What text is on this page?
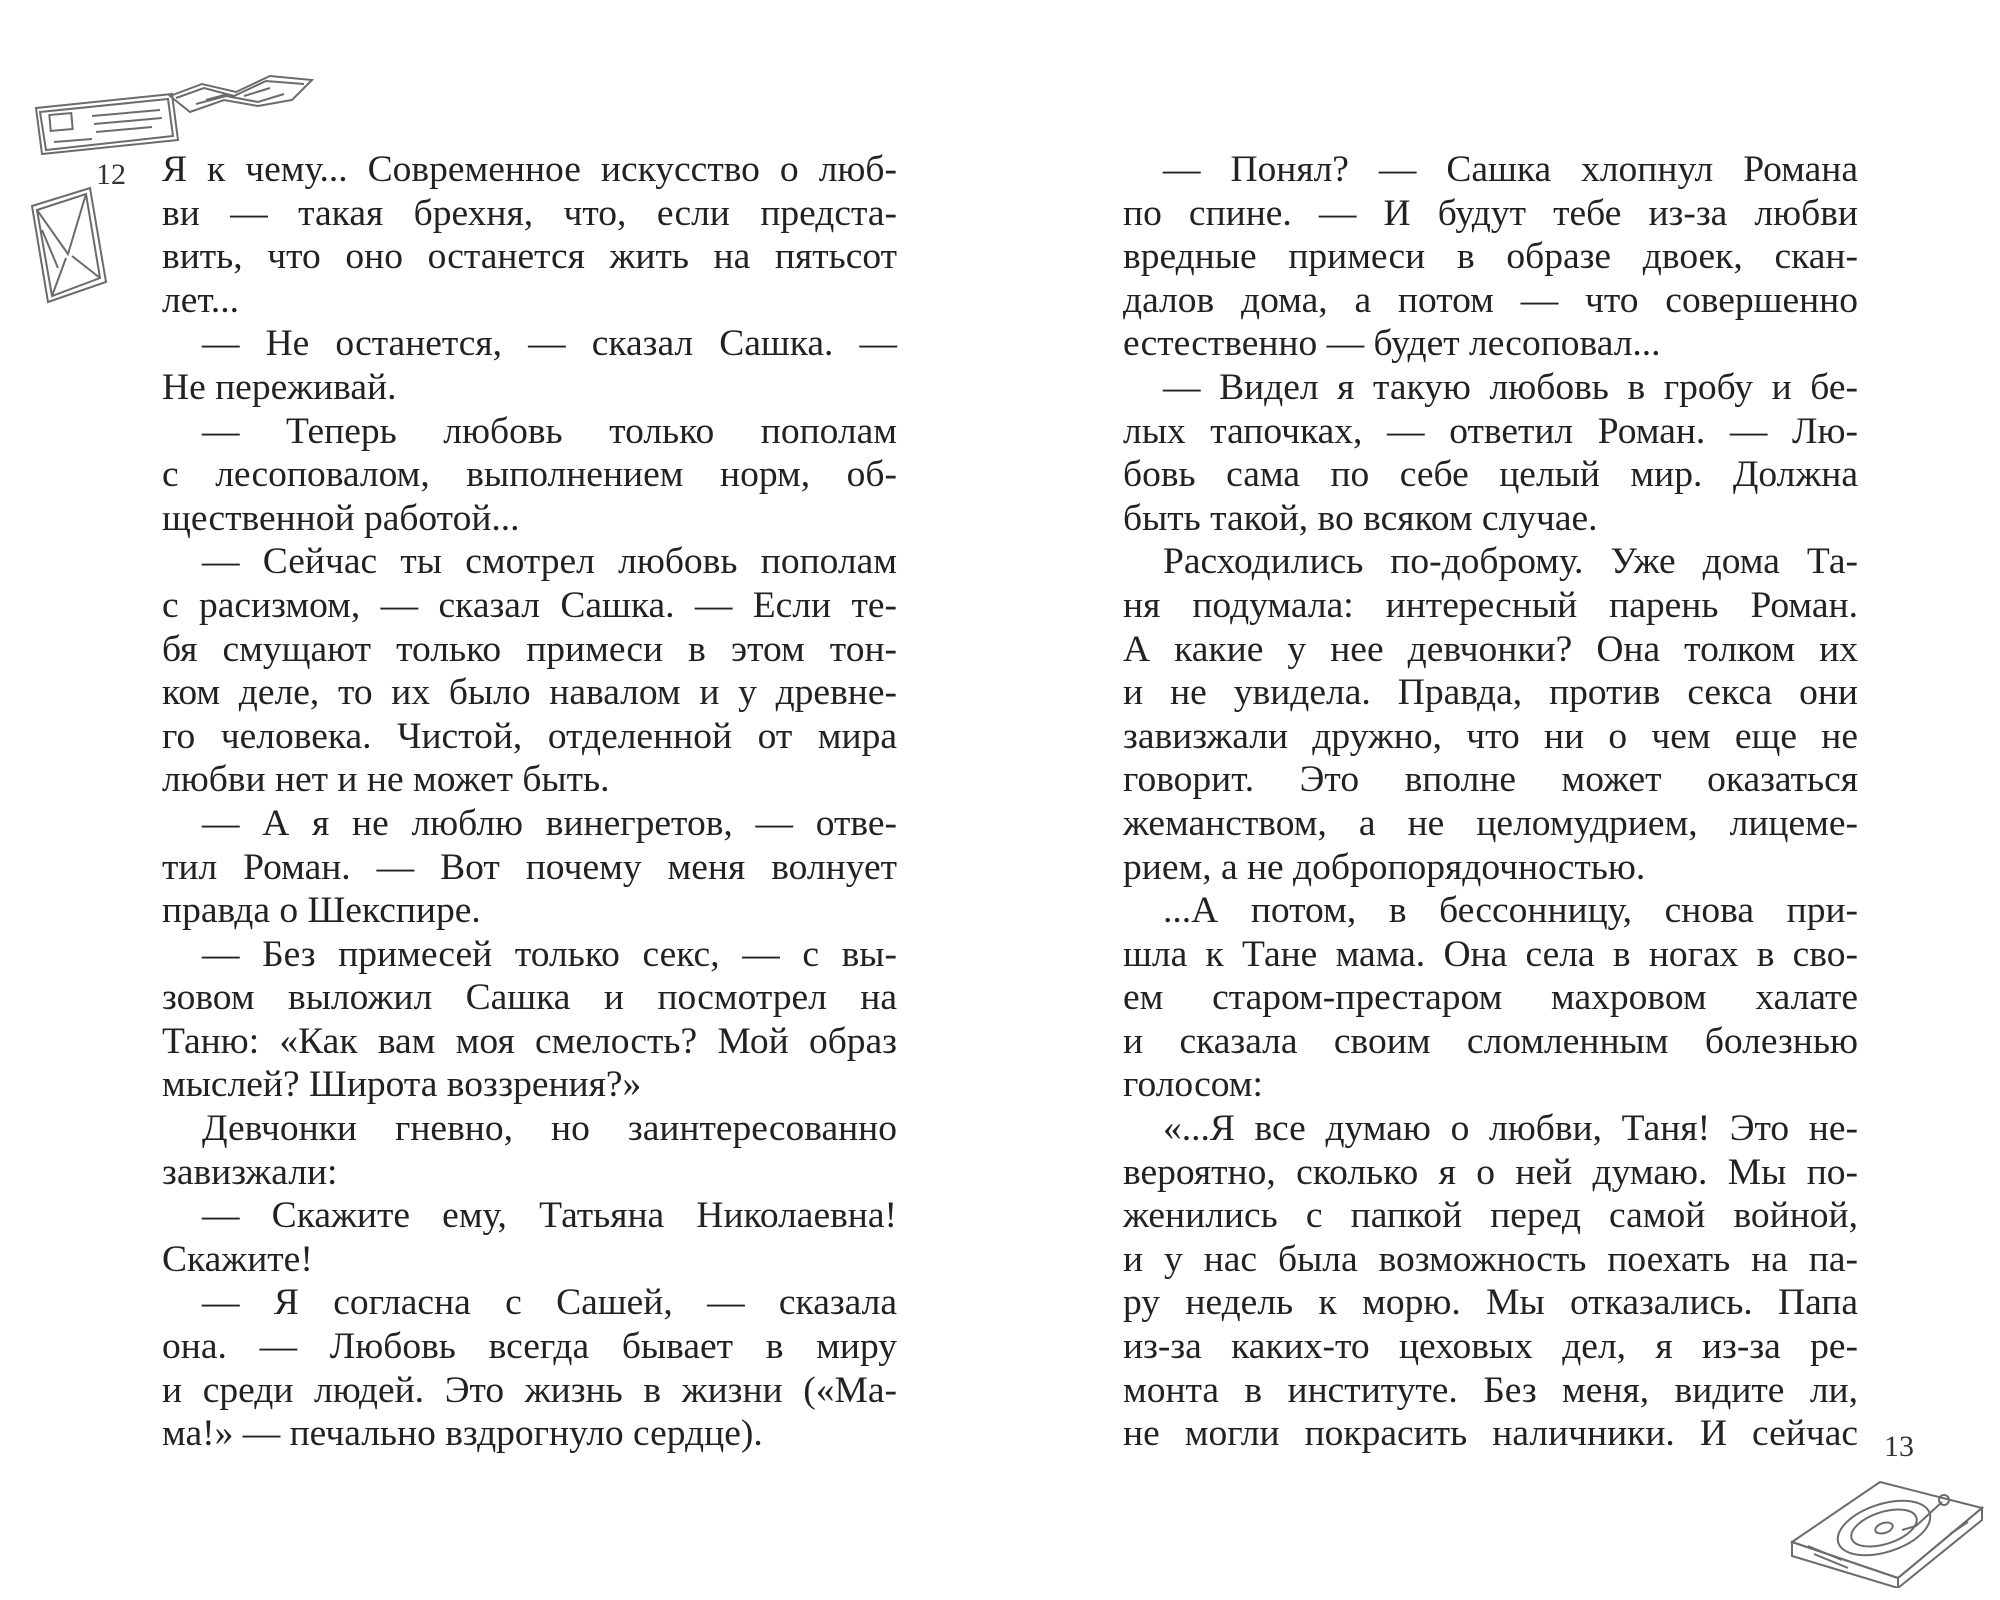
12
13
Я к чему... Современное искусство о люб-
ви — такая брехня, что, если предста-
вить, что оно останется жить на пятьсот
лет...
— Не останется, — сказал Сашка. —
Не переживай.
— Теперь любовь только пополам
с лесоповалом, выполнением норм, об-
щественной работой...
— Сейчас ты смотрел любовь пополам
с расизмом, — сказал Сашка. — Если те-
бя смущают только примеси в этом тон-
ком деле, то их было навалом и у древне-
го человека. Чистой, отделенной от мира
любви нет и не может быть.
— А я не люблю винегретов, — отве-
тил Роман. — Вот почему меня волнует
правда о Шекспире.
— Без примесей только секс, — с вы-
зовом выложил Сашка и посмотрел на
Таню: «Как вам моя смелость? Мой образ
мыслей? Широта воззрения?»
Девчонки гневно, но заинтересованно
завизжали:
— Скажите ему, Татьяна Николаевна!
Скажите!
— Я согласна с Сашей, — сказала
она. — Любовь всегда бывает в миру
и среди людей. Это жизнь в жизни («Ма-
ма!» — печально вздрогнуло сердце).
— Понял? — Сашка хлопнул Романа
по спине. — И будут тебе из-за любви
вредные примеси в образе двоек, скан-
далов дома, а потом — что совершенно
естественно — будет лесоповал...
— Видел я такую любовь в гробу и бе-
лых тапочках, — ответил Роман. — Лю-
бовь сама по себе целый мир. Должна
быть такой, во всяком случае.
Расходились по-доброму. Уже дома Та-
ня подумала: интересный парень Роман.
А какие у нее девчонки? Она толком их
и не увидела. Правда, против секса они
завизжали дружно, что ни о чем еще не
говорит. Это вполне может оказаться
жеманством, а не целомудрием, лицеме-
рием, а не добропорядочностью.
...А потом, в бессонницу, снова при-
шла к Тане мама. Она села в ногах в сво-
ем старом-престаром махровом халате
и сказала своим сломленным болезнью
голосом:
«...Я все думаю о любви, Таня! Это не-
вероятно, сколько я о ней думаю. Мы по-
женились с папкой перед самой войной,
и у нас была возможность поехать на па-
ру недель к морю. Мы отказались. Папа
из-за каких-то цеховых дел, я из-за ре-
монта в институте. Без меня, видите ли,
не могли покрасить наличники. И сейчас
